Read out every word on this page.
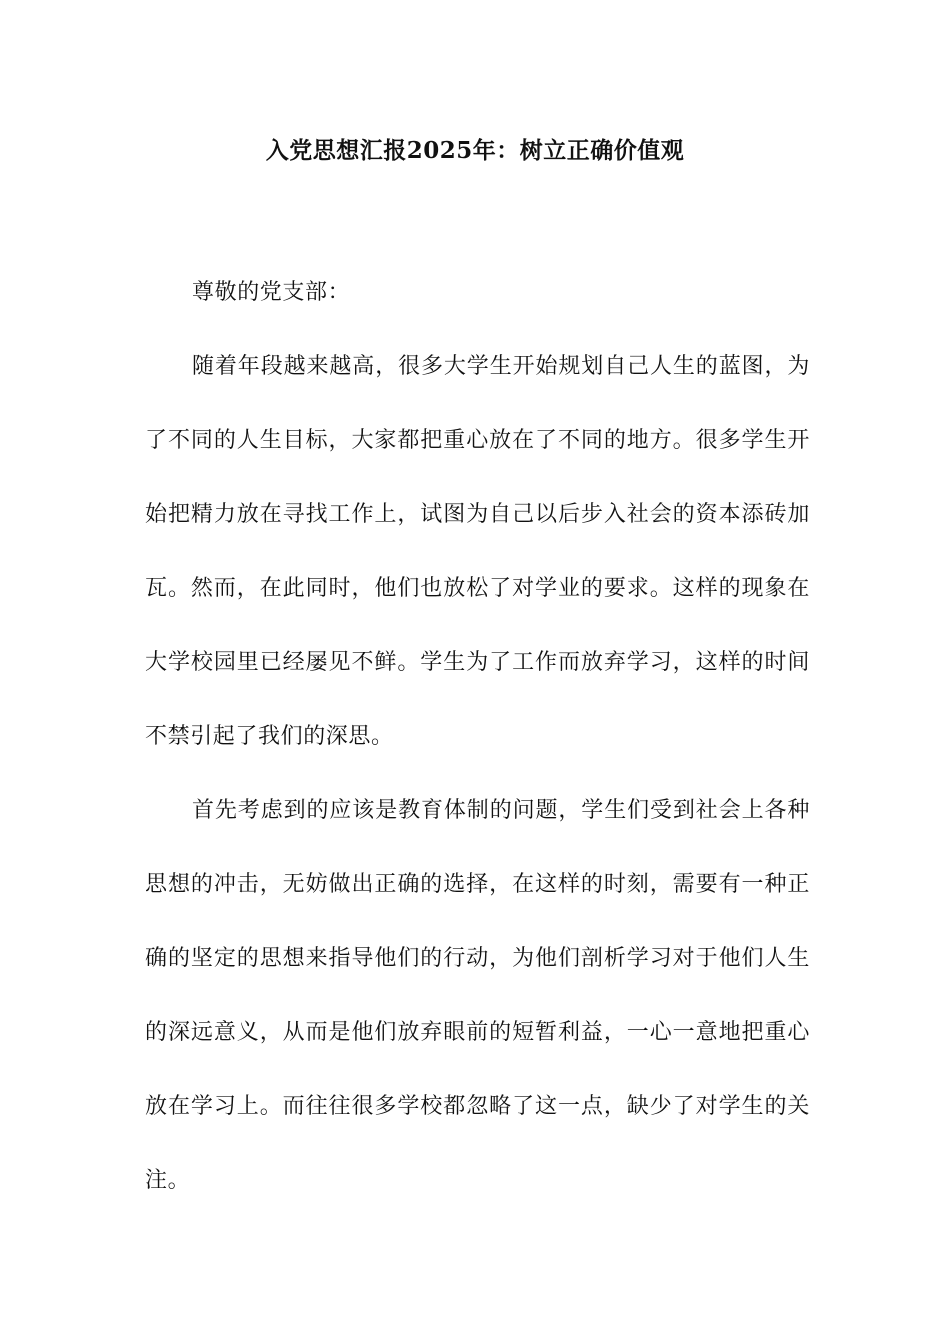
入党思想汇报2025年：树立正确价值观

尊敬的党支部：

随着年段越来越高，很多大学生开始规划自己人生的蓝图，为了不同的人生目标，大家都把重心放在了不同的地方。很多学生开始把精力放在寻找工作上，试图为自己以后步入社会的资本添砖加瓦。然而，在此同时，他们也放松了对学业的要求。这样的现象在大学校园里已经屡见不鲜。学生为了工作而放弃学习，这样的时间不禁引起了我们的深思。

首先考虑到的应该是教育体制的问题，学生们受到社会上各种思想的冲击，无妨做出正确的选择，在这样的时刻，需要有一种正确的坚定的思想来指导他们的行动，为他们剖析学习对于他们人生的深远意义，从而是他们放弃眼前的短暂利益，一心一意地把重心放在学习上。而往往很多学校都忽略了这一点，缺少了对学生的关注。
